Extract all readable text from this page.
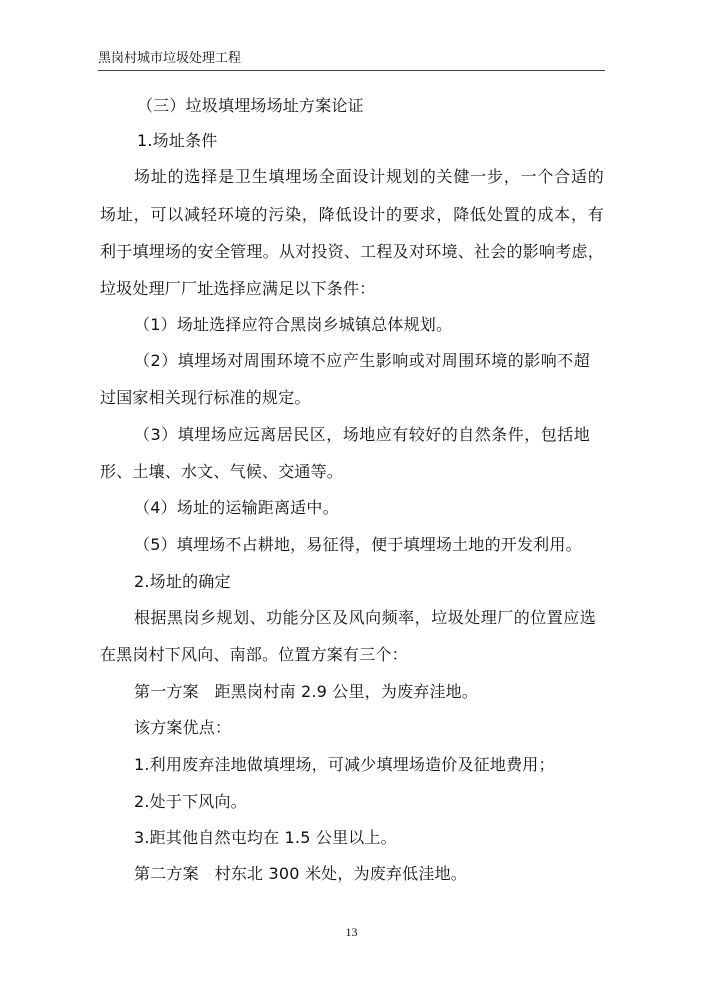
黑岗村城市垃圾处理工程
（三）垃圾填埋场场址方案论证
1.场址条件
场址的选择是卫生填埋场全面设计规划的关健一步，一个合适的
场址，可以减轻环境的污染，降低设计的要求，降低处置的成本，有
利于填埋场的安全管理。从对投资、工程及对环境、社会的影响考虑，
垃圾处理厂厂址选择应满足以下条件：
（1）场址选择应符合黑岗乡城镇总体规划。
（2）填埋场对周围环境不应产生影响或对周围环境的影响不超
过国家相关现行标准的规定。
（3）填埋场应远离居民区，场地应有较好的自然条件，包括地
形、土壤、水文、气候、交通等。
（4）场址的运输距离适中。
（5）填埋场不占耕地，易征得，便于填埋场土地的开发利用。
2.场址的确定
根据黑岗乡规划、功能分区及风向频率，垃圾处理厂的位置应选
在黑岗村下风向、南部。位置方案有三个：
第一方案   距黑岗村南 2.9 公里，为废弃洼地。
该方案优点：
1.利用废弃洼地做填埋场，可减少填埋场造价及征地费用；
2.处于下风向。
3.距其他自然屯均在 1.5 公里以上。
第二方案   村东北 300 米处，为废弃低洼地。
13
